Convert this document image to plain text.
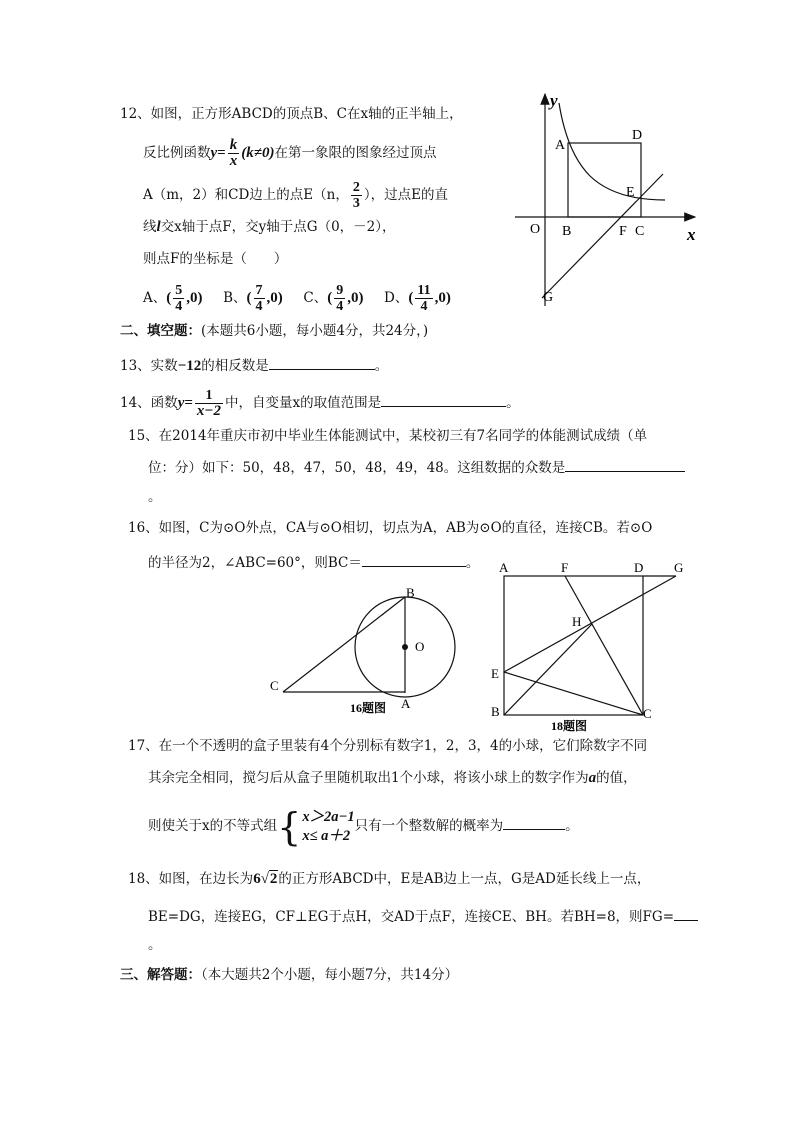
12、如图，正方形ABCD的顶点B、C在x轴的正半轴上，
反比例函数$y= \frac{k}{x} (k\ne 0)$在第一象限的图象经过顶点
A（m，2）和CD边上的点E（n， $\frac{2}{3}$ ），过点E的直
线l交x轴于点F，交y轴于点G（0，－2），
则点F的坐标是（　　）
A、( $\frac{5}{4} ,0$) B、( $\frac{7}{4} ,0$) C、( $\frac{9}{4} ,0$) D、( $\frac{11}{4} ,0$)
y
x
O
A
B	C
D
E
F
G
二、填空题：(本题共6小题，每小题4分，共24分，)
13、实数−12的相反数是	。
14、函数$y= \frac{1}{x-2}$ 中，自变量x的取值范围是	。
15、在2014年重庆市初中毕业生体能测试中，某校初三有7名同学的体能测试成绩（单
位：分）如下：50，48，47，50，48，49，48。这组数据的众数是
。
16、如图，C为⊙O外点，CA与⊙O相切，切点为A，AB为⊙O的直径，连接CB。若⊙O
的半径为2，∠ABC=60°，则BC＝	。
B
O
C
A
16题图
A	F	D G
H
E
B	C
18题图
17、在一个不透明的盒子里装有4个分别标有数字1，2，3，4的小球，它们除数字不同
其余完全相同，搅匀后从盒子里随机取出1个小球，将该小球上的数字作为a的值，
则使关于x的不等式组{ x＞2a−1
x≤ a＋2
只有一个整数解的概率为	。
18、如图，在边长为6√2的正方形ABCD中，E是AB边上一点，G是AD延长线上一点，
BE=DG，连接EG，CF⊥EG于点H，交AD于点F，连接CE、BH。若BH=8，则FG=
。
三、解答题：（本大题共2个小题，每小题7分，共14分）
